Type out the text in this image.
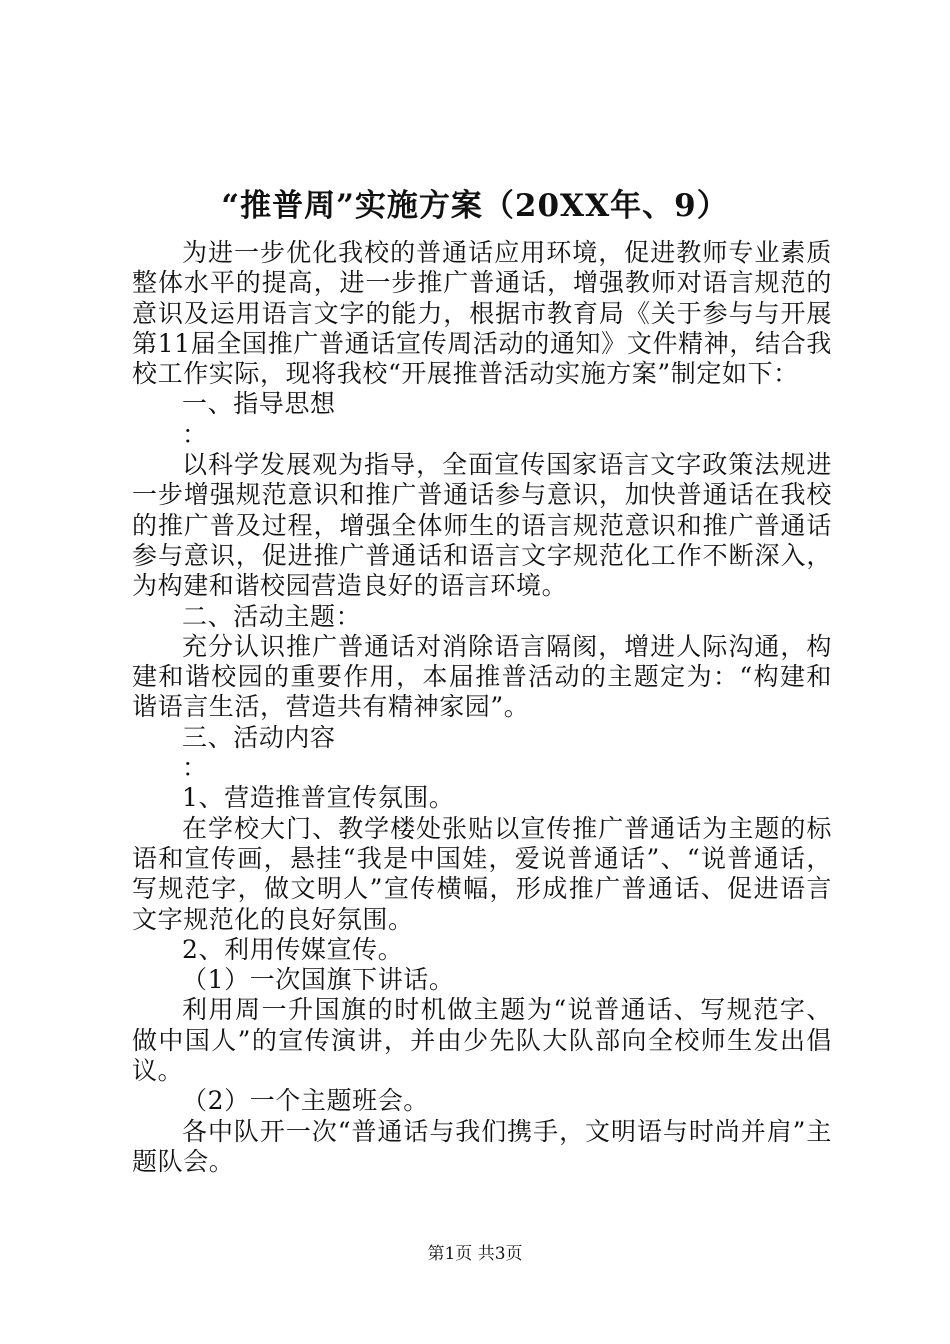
“推普周”实施方案（20XX年、9）

为进一步优化我校的普通话应用环境，促进教师专业素质整体水平的提高，进一步推广普通话，增强教师对语言规范的意识及运用语言文字的能力，根据市教育局《关于参与与开展第11届全国推广普通话宣传周活动的通知》文件精神，结合我校工作实际，现将我校“开展推普活动实施方案”制定如下：

一、指导思想

：

以科学发展观为指导，全面宣传国家语言文字政策法规进一步增强规范意识和推广普通话参与意识，加快普通话在我校的推广普及过程，增强全体师生的语言规范意识和推广普通话参与意识，促进推广普通话和语言文字规范化工作不断深入，为构建和谐校园营造良好的语言环境。

二、活动主题：

充分认识推广普通话对消除语言隔阂，增进人际沟通，构建和谐校园的重要作用，本届推普活动的主题定为：“构建和谐语言生活，营造共有精神家园”。

三、活动内容

：

1、营造推普宣传氛围。

在学校大门、教学楼处张贴以宣传推广普通话为主题的标语和宣传画，悬挂“我是中国娃，爱说普通话”、“说普通话，写规范字，做文明人”宣传横幅，形成推广普通话、促进语言文字规范化的良好氛围。

2、利用传媒宣传。

（1）一次国旗下讲话。

利用周一升国旗的时机做主题为“说普通话、写规范字、做中国人”的宣传演讲，并由少先队大队部向全校师生发出倡议。

（2）一个主题班会。

各中队开一次“普通话与我们携手，文明语与时尚并肩”主题队会。

第1页 共3页
